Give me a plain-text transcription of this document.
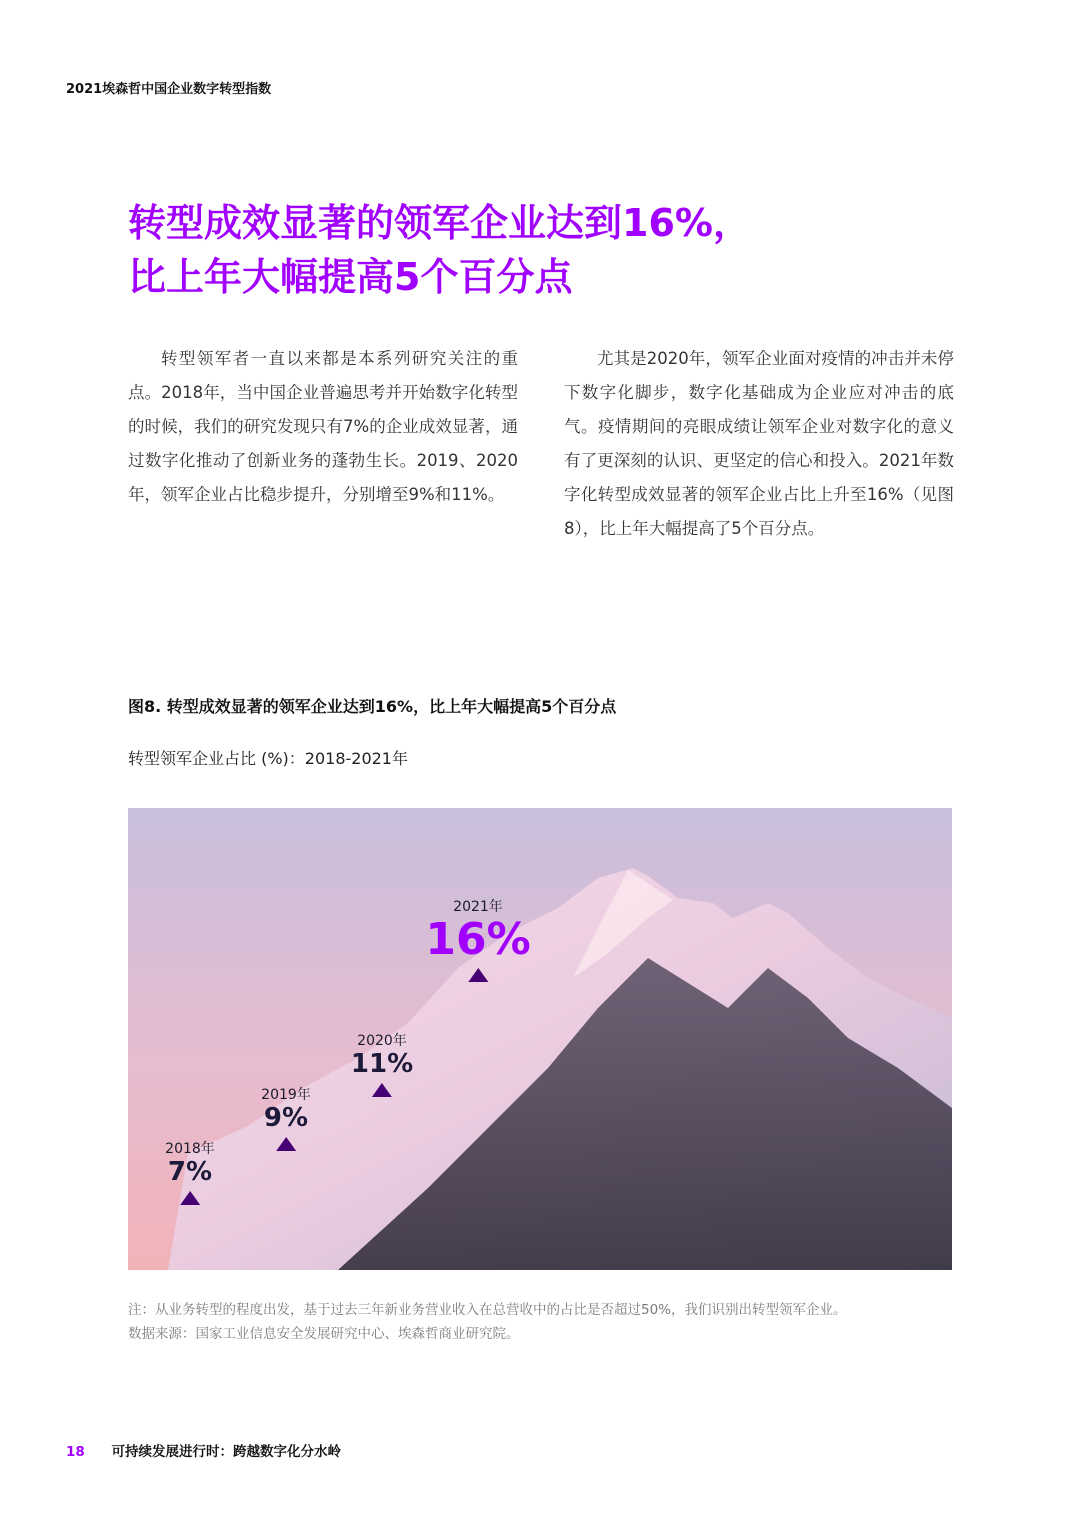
2021埃森哲中国企业数字转型指数
转型成效显著的领军企业达到16%，
比上年大幅提高5个百分点

转型领军者一直以来都是本系列研究关注的重点。2018年，当中国企业普遍思考并开始数字化转型的时候，我们的研究发现只有7%的企业成效显著，通过数字化推动了创新业务的蓬勃生长。2019、2020年，领军企业占比稳步提升，分别增至9%和11%。

尤其是2020年，领军企业面对疫情的冲击并未停下数字化脚步，数字化基础成为企业应对冲击的底气。疫情期间的亮眼成绩让领军企业对数字化的意义有了更深刻的认识、更坚定的信心和投入。2021年数字化转型成效显著的领军企业占比上升至16%（见图8），比上年大幅提高了5个百分点。

图8. 转型成效显著的领军企业达到16%，比上年大幅提高5个百分点
转型领军企业占比 (%)：2018-2021年
2018年
7%
2019年
9%
2020年
11%
2021年
16%
注：从业务转型的程度出发，基于过去三年新业务营业收入在总营收中的占比是否超过50%，我们识别出转型领军企业。
数据来源：国家工业信息安全发展研究中心、埃森哲商业研究院。
18 可持续发展进行时：跨越数字化分水岭
